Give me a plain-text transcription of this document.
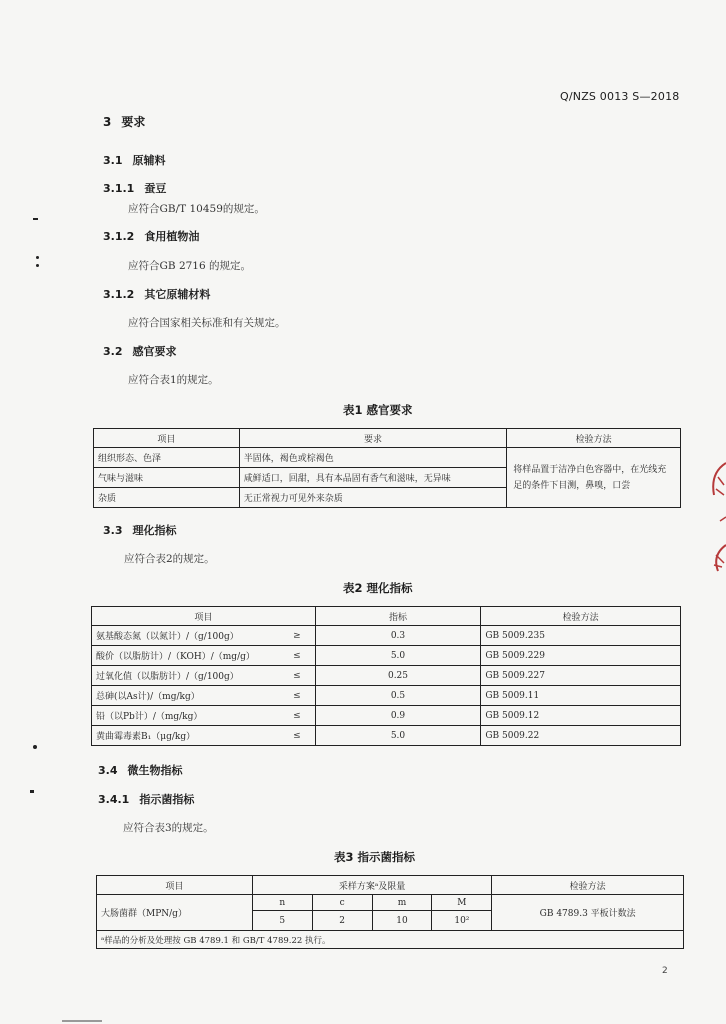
Q/NZS 0013 S—2018
3 要求
3.1 原辅料
3.1.1 蚕豆
应符合GB/T 10459的规定。
3.1.2 食用植物油
应符合GB 2716 的规定。
3.1.2 其它原辅材料
应符合国家相关标准和有关规定。
3.2 感官要求
应符合表1的规定。
表1 感官要求
项目	要求	检验方法
组织形态、色泽	半固体，褐色或棕褐色	将样品置于洁净白色容器中，在光线充足的条件下目测，鼻嗅，口尝
气味与滋味	咸鲜适口，回甜，具有本品固有香气和滋味，无异味	
杂质	无正常视力可见外来杂质	
3.3 理化指标
应符合表2的规定。
表2 理化指标
项目		指标	检验方法
氨基酸态氮（以氮计）/（g/100g）	≥	0.3	GB 5009.235
酸价（以脂肪计）/（KOH）/（mg/g）	≤	5.0	GB 5009.229
过氧化值（以脂肪计）/（g/100g）	≤	0.25	GB 5009.227
总砷(以As计)/（mg/kg）	≤	0.5	GB 5009.11
铅（以Pb计）/（mg/kg）	≤	0.9	GB 5009.12
黄曲霉毒素B₁（μg/kg）	≤	5.0	GB 5009.22
3.4 微生物指标
3.4.1 指示菌指标
应符合表3的规定。
表3 指示菌指标
项目	采样方案ᵃ及限量				检验方法
大肠菌群（MPN/g）	n	c	m	M	GB 4789.3 平板计数法
	5	2	10	10²	
ᵃ样品的分析及处理按 GB 4789.1 和 GB/T 4789.22 执行。					
2
